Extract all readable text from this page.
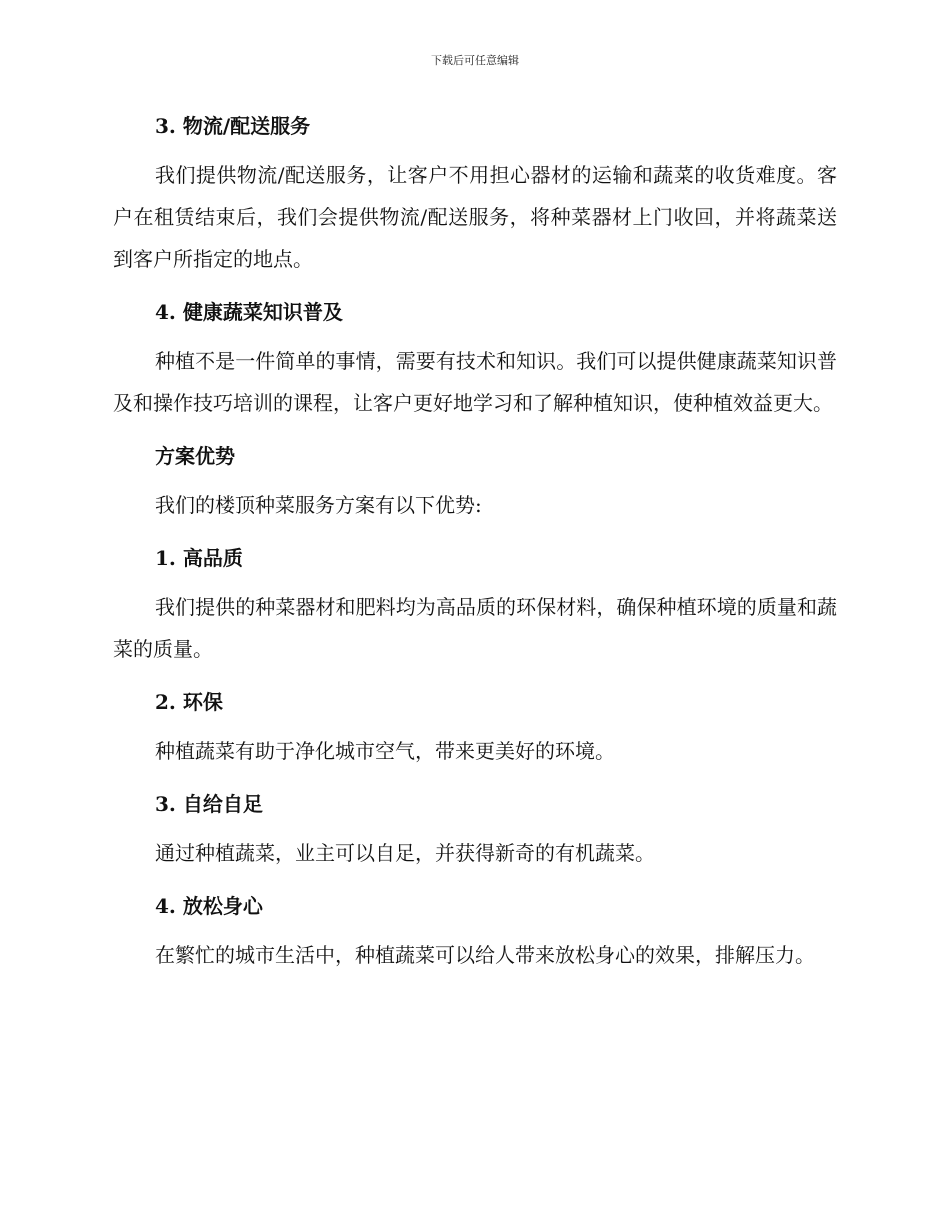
下载后可任意编辑
3. 物流/配送服务

我们提供物流/配送服务，让客户不用担心器材的运输和蔬菜的收货难度。客户在租赁结束后，我们会提供物流/配送服务，将种菜器材上门收回，并将蔬菜送到客户所指定的地点。

4. 健康蔬菜知识普及

种植不是一件简单的事情，需要有技术和知识。我们可以提供健康蔬菜知识普及和操作技巧培训的课程，让客户更好地学习和了解种植知识，使种植效益更大。

方案优势

我们的楼顶种菜服务方案有以下优势:

1. 高品质

我们提供的种菜器材和肥料均为高品质的环保材料，确保种植环境的质量和蔬菜的质量。

2. 环保

种植蔬菜有助于净化城市空气，带来更美好的环境。

3. 自给自足

通过种植蔬菜，业主可以自足，并获得新奇的有机蔬菜。

4. 放松身心

在繁忙的城市生活中，种植蔬菜可以给人带来放松身心的效果，排解压力。
